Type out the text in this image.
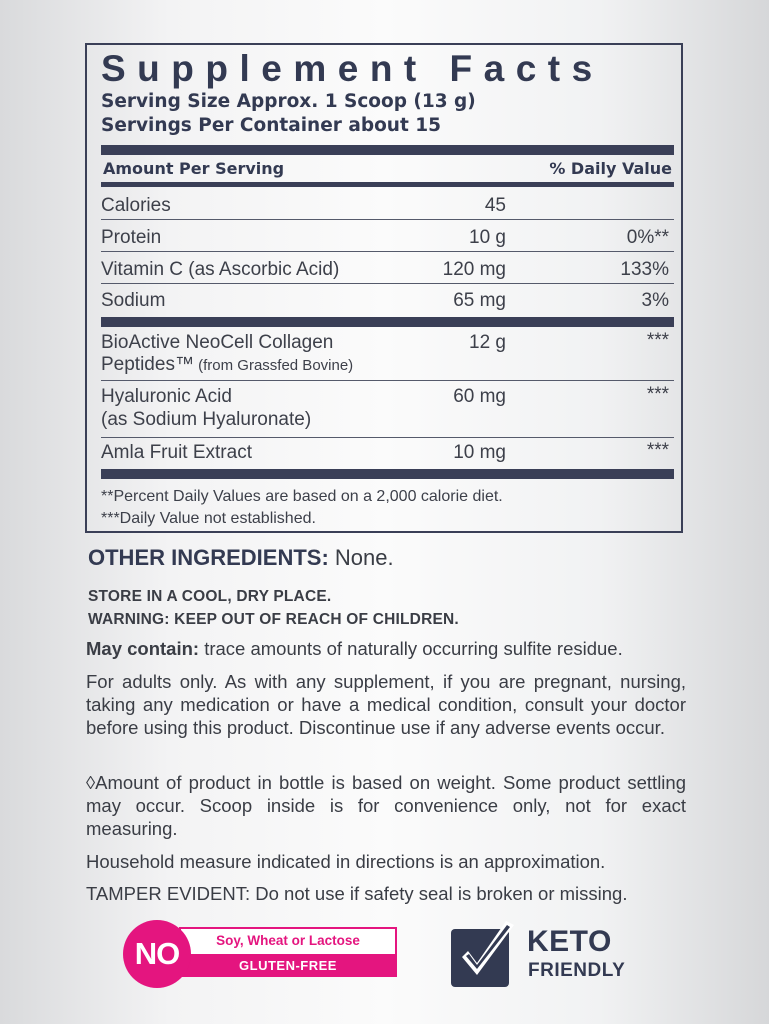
Supplement Facts
Serving Size Approx. 1 Scoop (13 g)
Servings Per Container about 15
Amount Per Serving	% Daily Value
Calories	45
Protein	10 g	0%**
Vitamin C (as Ascorbic Acid)	120 mg	133%
Sodium	65 mg	3%
BioActive NeoCell Collagen
Peptides™ (from Grassfed Bovine)
12 g	***
Hyaluronic Acid
(as Sodium Hyaluronate)
60 mg	***
Amla Fruit Extract	10 mg	***
**Percent Daily Values are based on a 2,000 calorie diet.
***Daily Value not established.
OTHER INGREDIENTS: None.
STORE IN A COOL, DRY PLACE.
WARNING: KEEP OUT OF REACH OF CHILDREN.
May contain: trace amounts of naturally occurring sulfite residue.
For adults only. As with any supplement, if you are pregnant, nursing, taking any medication or have a medical condition, consult your doctor before using this product. Discontinue use if any adverse events occur.
◊Amount of product in bottle is based on weight. Some product settling may occur. Scoop inside is for convenience only, not for exact measuring.
Household measure indicated in directions is an approximation.
TAMPER EVIDENT: Do not use if safety seal is broken or missing.
Soy, Wheat or Lactose
GLUTEN-FREE
NO	KETO
FRIENDLY
